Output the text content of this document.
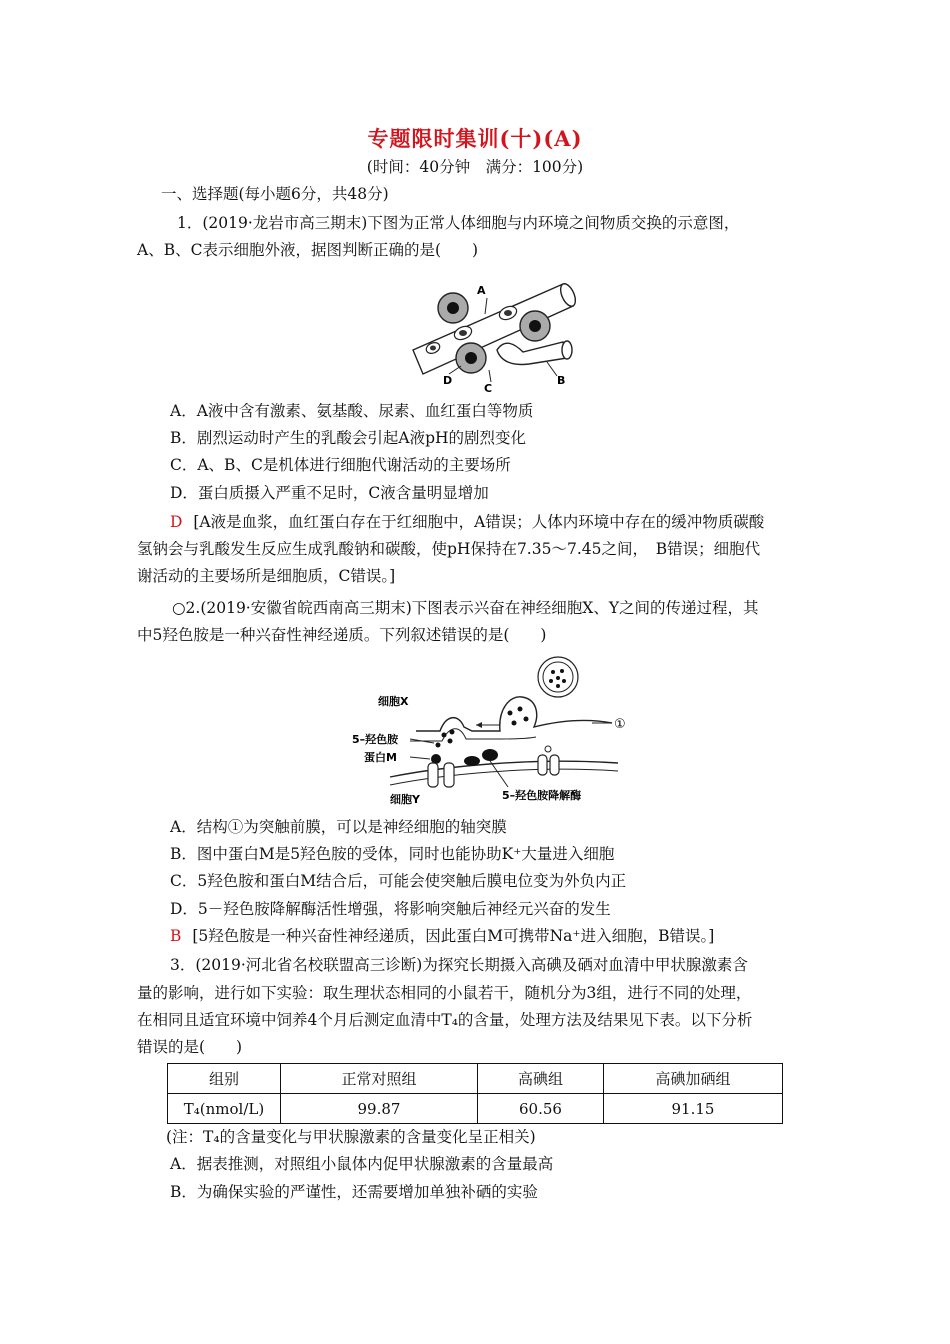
专题限时集训(十)(A)
(时间：40分钟　满分：100分)
一、选择题(每小题6分，共48分)
1．(2019·龙岩市高三期末)下图为正常人体细胞与内环境之间物质交换的示意图，
A、B、C表示细胞外液，据图判断正确的是(　　)
A
B
C
D
A．A液中含有激素、氨基酸、尿素、血红蛋白等物质
B．剧烈运动时产生的乳酸会引起A液pH的剧烈变化
C．A、B、C是机体进行细胞代谢活动的主要场所
D．蛋白质摄入严重不足时，C液含量明显增加
D [A液是血浆，血红蛋白存在于红细胞中，A错误；人体内环境中存在的缓冲物质碳酸
氢钠会与乳酸发生反应生成乳酸钠和碳酸，使pH保持在7.35～7.45之间，　B错误；细胞代
谢活动的主要场所是细胞质，C错误。]
○2.(2019·安徽省皖西南高三期末)下图表示兴奋在神经细胞X、Y之间的传递过程，其
中5羟色胺是一种兴奋性神经递质。下列叙述错误的是(　　)
细胞X
5–羟色胺
蛋白M
细胞Y	5–羟色胺降解酶
①
A．结构①为突触前膜，可以是神经细胞的轴突膜
B．图中蛋白M是5羟色胺的受体，同时也能协助K⁺大量进入细胞
C．5羟色胺和蛋白M结合后，可能会使突触后膜电位变为外负内正
D．5－羟色胺降解酶活性增强，将影响突触后神经元兴奋的发生
B [5羟色胺是一种兴奋性神经递质，因此蛋白M可携带Na⁺进入细胞，B错误。]
3．(2019·河北省名校联盟高三诊断)为探究长期摄入高碘及硒对血清中甲状腺激素含
量的影响，进行如下实验：取生理状态相同的小鼠若干，随机分为3组，进行不同的处理，
在相同且适宜环境中饲养4个月后测定血清中T₄的含量，处理方法及结果见下表。以下分析
错误的是(　　)
组别	正常对照组	高碘组	高碘加硒组
T₄(nmol/L)	99.87	60.56	91.15
(注：T₄的含量变化与甲状腺激素的含量变化呈正相关)
A．据表推测，对照组小鼠体内促甲状腺激素的含量最高
B．为确保实验的严谨性，还需要增加单独补硒的实验
